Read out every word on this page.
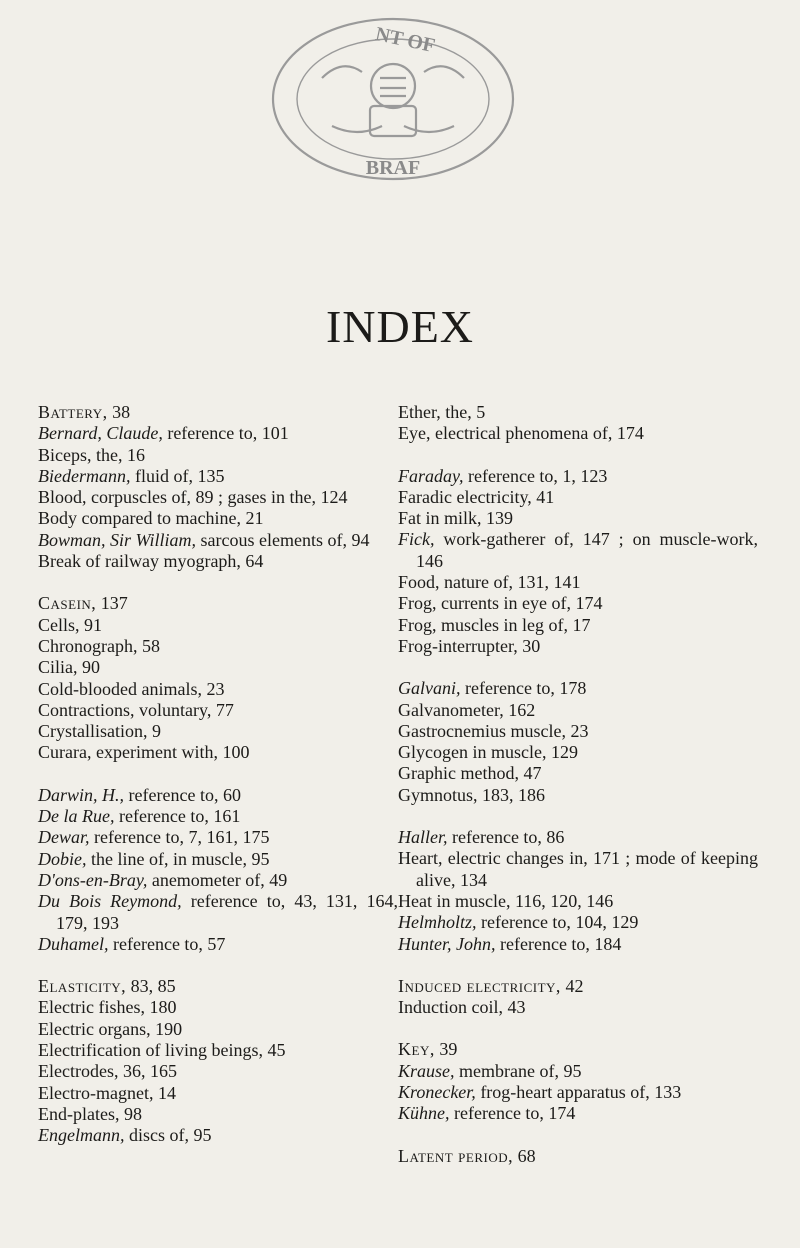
NT OF
BRAF
INDEX
Battery, 38
Bernard, Claude, reference to, 101
Biceps, the, 16
Biedermann, fluid of, 135
Blood, corpuscles of, 89 ; gases in the, 124
Body compared to machine, 21
Bowman, Sir William, sarcous elements of, 94
Break of railway myograph, 64
Casein, 137
Cells, 91
Chronograph, 58
Cilia, 90
Cold-blooded animals, 23
Contractions, voluntary, 77
Crystallisation, 9
Curara, experiment with, 100
Darwin, H., reference to, 60
De la Rue, reference to, 161
Dewar, reference to, 7, 161, 175
Dobie, the line of, in muscle, 95
D'ons-en-Bray, anemometer of, 49
Du Bois Reymond, reference to, 43, 131, 164, 179, 193
Duhamel, reference to, 57
Elasticity, 83, 85
Electric fishes, 180
Electric organs, 190
Electrification of living beings, 45
Electrodes, 36, 165
Electro-magnet, 14
End-plates, 98
Engelmann, discs of, 95
Ether, the, 5
Eye, electrical phenomena of, 174
Faraday, reference to, 1, 123
Faradic electricity, 41
Fat in milk, 139
Fick, work-gatherer of, 147 ; on muscle-work, 146
Food, nature of, 131, 141
Frog, currents in eye of, 174
Frog, muscles in leg of, 17
Frog-interrupter, 30
Galvani, reference to, 178
Galvanometer, 162
Gastrocnemius muscle, 23
Glycogen in muscle, 129
Graphic method, 47
Gymnotus, 183, 186
Haller, reference to, 86
Heart, electric changes in, 171 ; mode of keeping alive, 134
Heat in muscle, 116, 120, 146
Helmholtz, reference to, 104, 129
Hunter, John, reference to, 184
Induced electricity, 42
Induction coil, 43
Key, 39
Krause, membrane of, 95
Kronecker, frog-heart apparatus of, 133
Kühne, reference to, 174
Latent period, 68
